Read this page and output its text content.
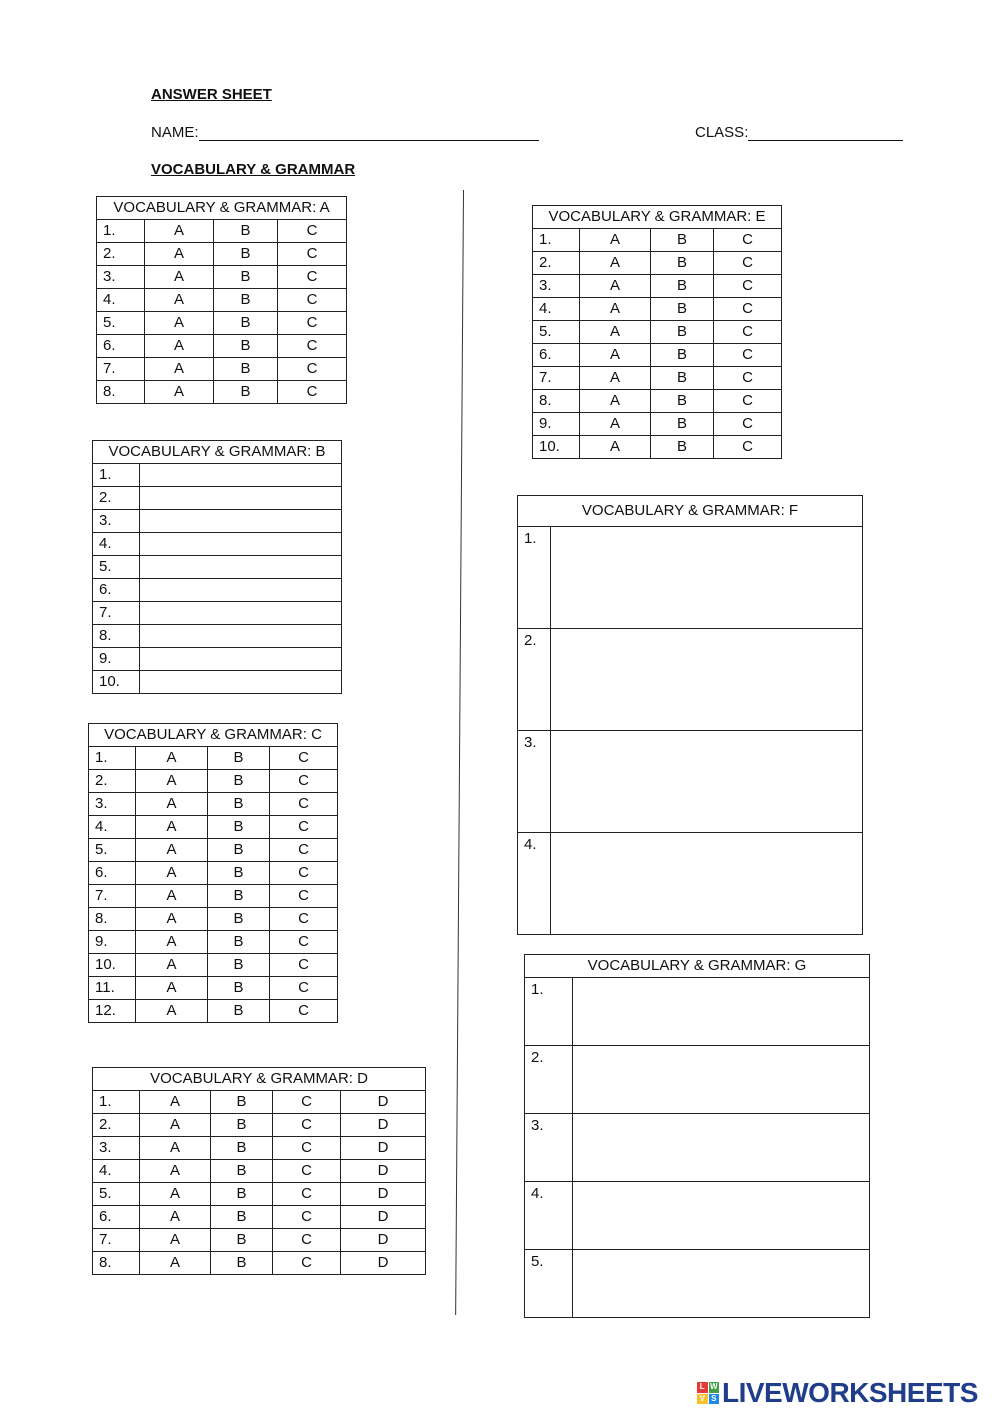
ANSWER SHEET
NAME:	CLASS:
VOCABULARY & GRAMMAR
VOCABULARY & GRAMMAR: A			
1.	A	B	C
2.	A	B	C
3.	A	B	C
4.	A	B	C
5.	A	B	C
6.	A	B	C
7.	A	B	C
8.	A	B	C
VOCABULARY & GRAMMAR: B	
1.	
2.	
3.	
4.	
5.	
6.	
7.	
8.	
9.	
10.	
VOCABULARY & GRAMMAR: C			
1.	A	B	C
2.	A	B	C
3.	A	B	C
4.	A	B	C
5.	A	B	C
6.	A	B	C
7.	A	B	C
8.	A	B	C
9.	A	B	C
10.	A	B	C
11.	A	B	C
12.	A	B	C
VOCABULARY & GRAMMAR: D				
1.	A	B	C	D
2.	A	B	C	D
3.	A	B	C	D
4.	A	B	C	D
5.	A	B	C	D
6.	A	B	C	D
7.	A	B	C	D
8.	A	B	C	D
VOCABULARY & GRAMMAR: E			
1.	A	B	C
2.	A	B	C
3.	A	B	C
4.	A	B	C
5.	A	B	C
6.	A	B	C
7.	A	B	C
8.	A	B	C
9.	A	B	C
10.	A	B	C
VOCABULARY & GRAMMAR: F	
1.	
2.	
3.	
4.	
VOCABULARY & GRAMMAR: G	
1.	
2.	
3.	
4.	
5.	
L W
V S LIVEWORKSHEETS
